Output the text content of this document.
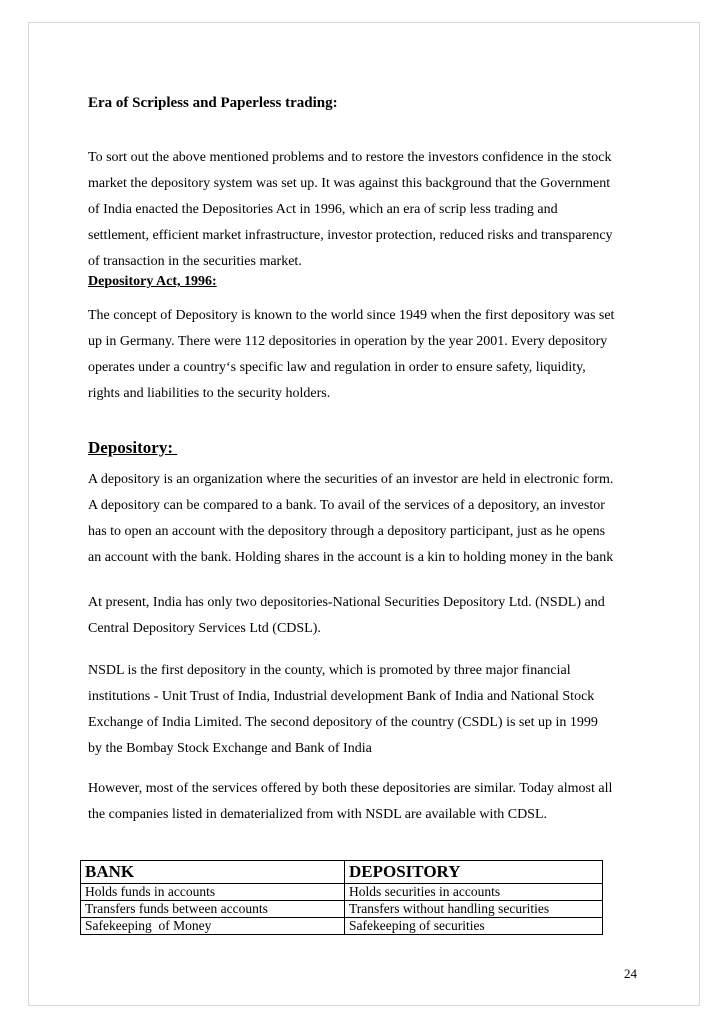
Era of Scripless and Paperless trading:
To sort out the above mentioned problems and to restore the investors confidence in the stock
market the depository system was set up. It was against this background that the Government
of India enacted the Depositories Act in 1996, which an era of scrip less trading and
settlement, efficient market infrastructure, investor protection, reduced risks and transparency
of transaction in the securities market.
Depository Act, 1996:
The concept of Depository is known to the world since 1949 when the first depository was set
up in Germany. There were 112 depositories in operation by the year 2001. Every depository
operates under a country‘s specific law and regulation in order to ensure safety, liquidity,
rights and liabilities to the security holders.
Depository:
A depository is an organization where the securities of an investor are held in electronic form.
A depository can be compared to a bank. To avail of the services of a depository, an investor
has to open an account with the depository through a depository participant, just as he opens
an account with the bank. Holding shares in the account is a kin to holding money in the bank
At present, India has only two depositories-National Securities Depository Ltd. (NSDL) and
Central Depository Services Ltd (CDSL).
NSDL is the first depository in the county, which is promoted by three major financial
institutions - Unit Trust of India, Industrial development Bank of India and National Stock
Exchange of India Limited. The second depository of the country (CSDL) is set up in 1999
by the Bombay Stock Exchange and Bank of India
However, most of the services offered by both these depositories are similar. Today almost all
the companies listed in dematerialized from with NSDL are available with CDSL.
BANK	DEPOSITORY
Holds funds in accounts	Holds securities in accounts
Transfers funds between accounts	Transfers without handling securities
Safekeeping  of Money	Safekeeping of securities
24
